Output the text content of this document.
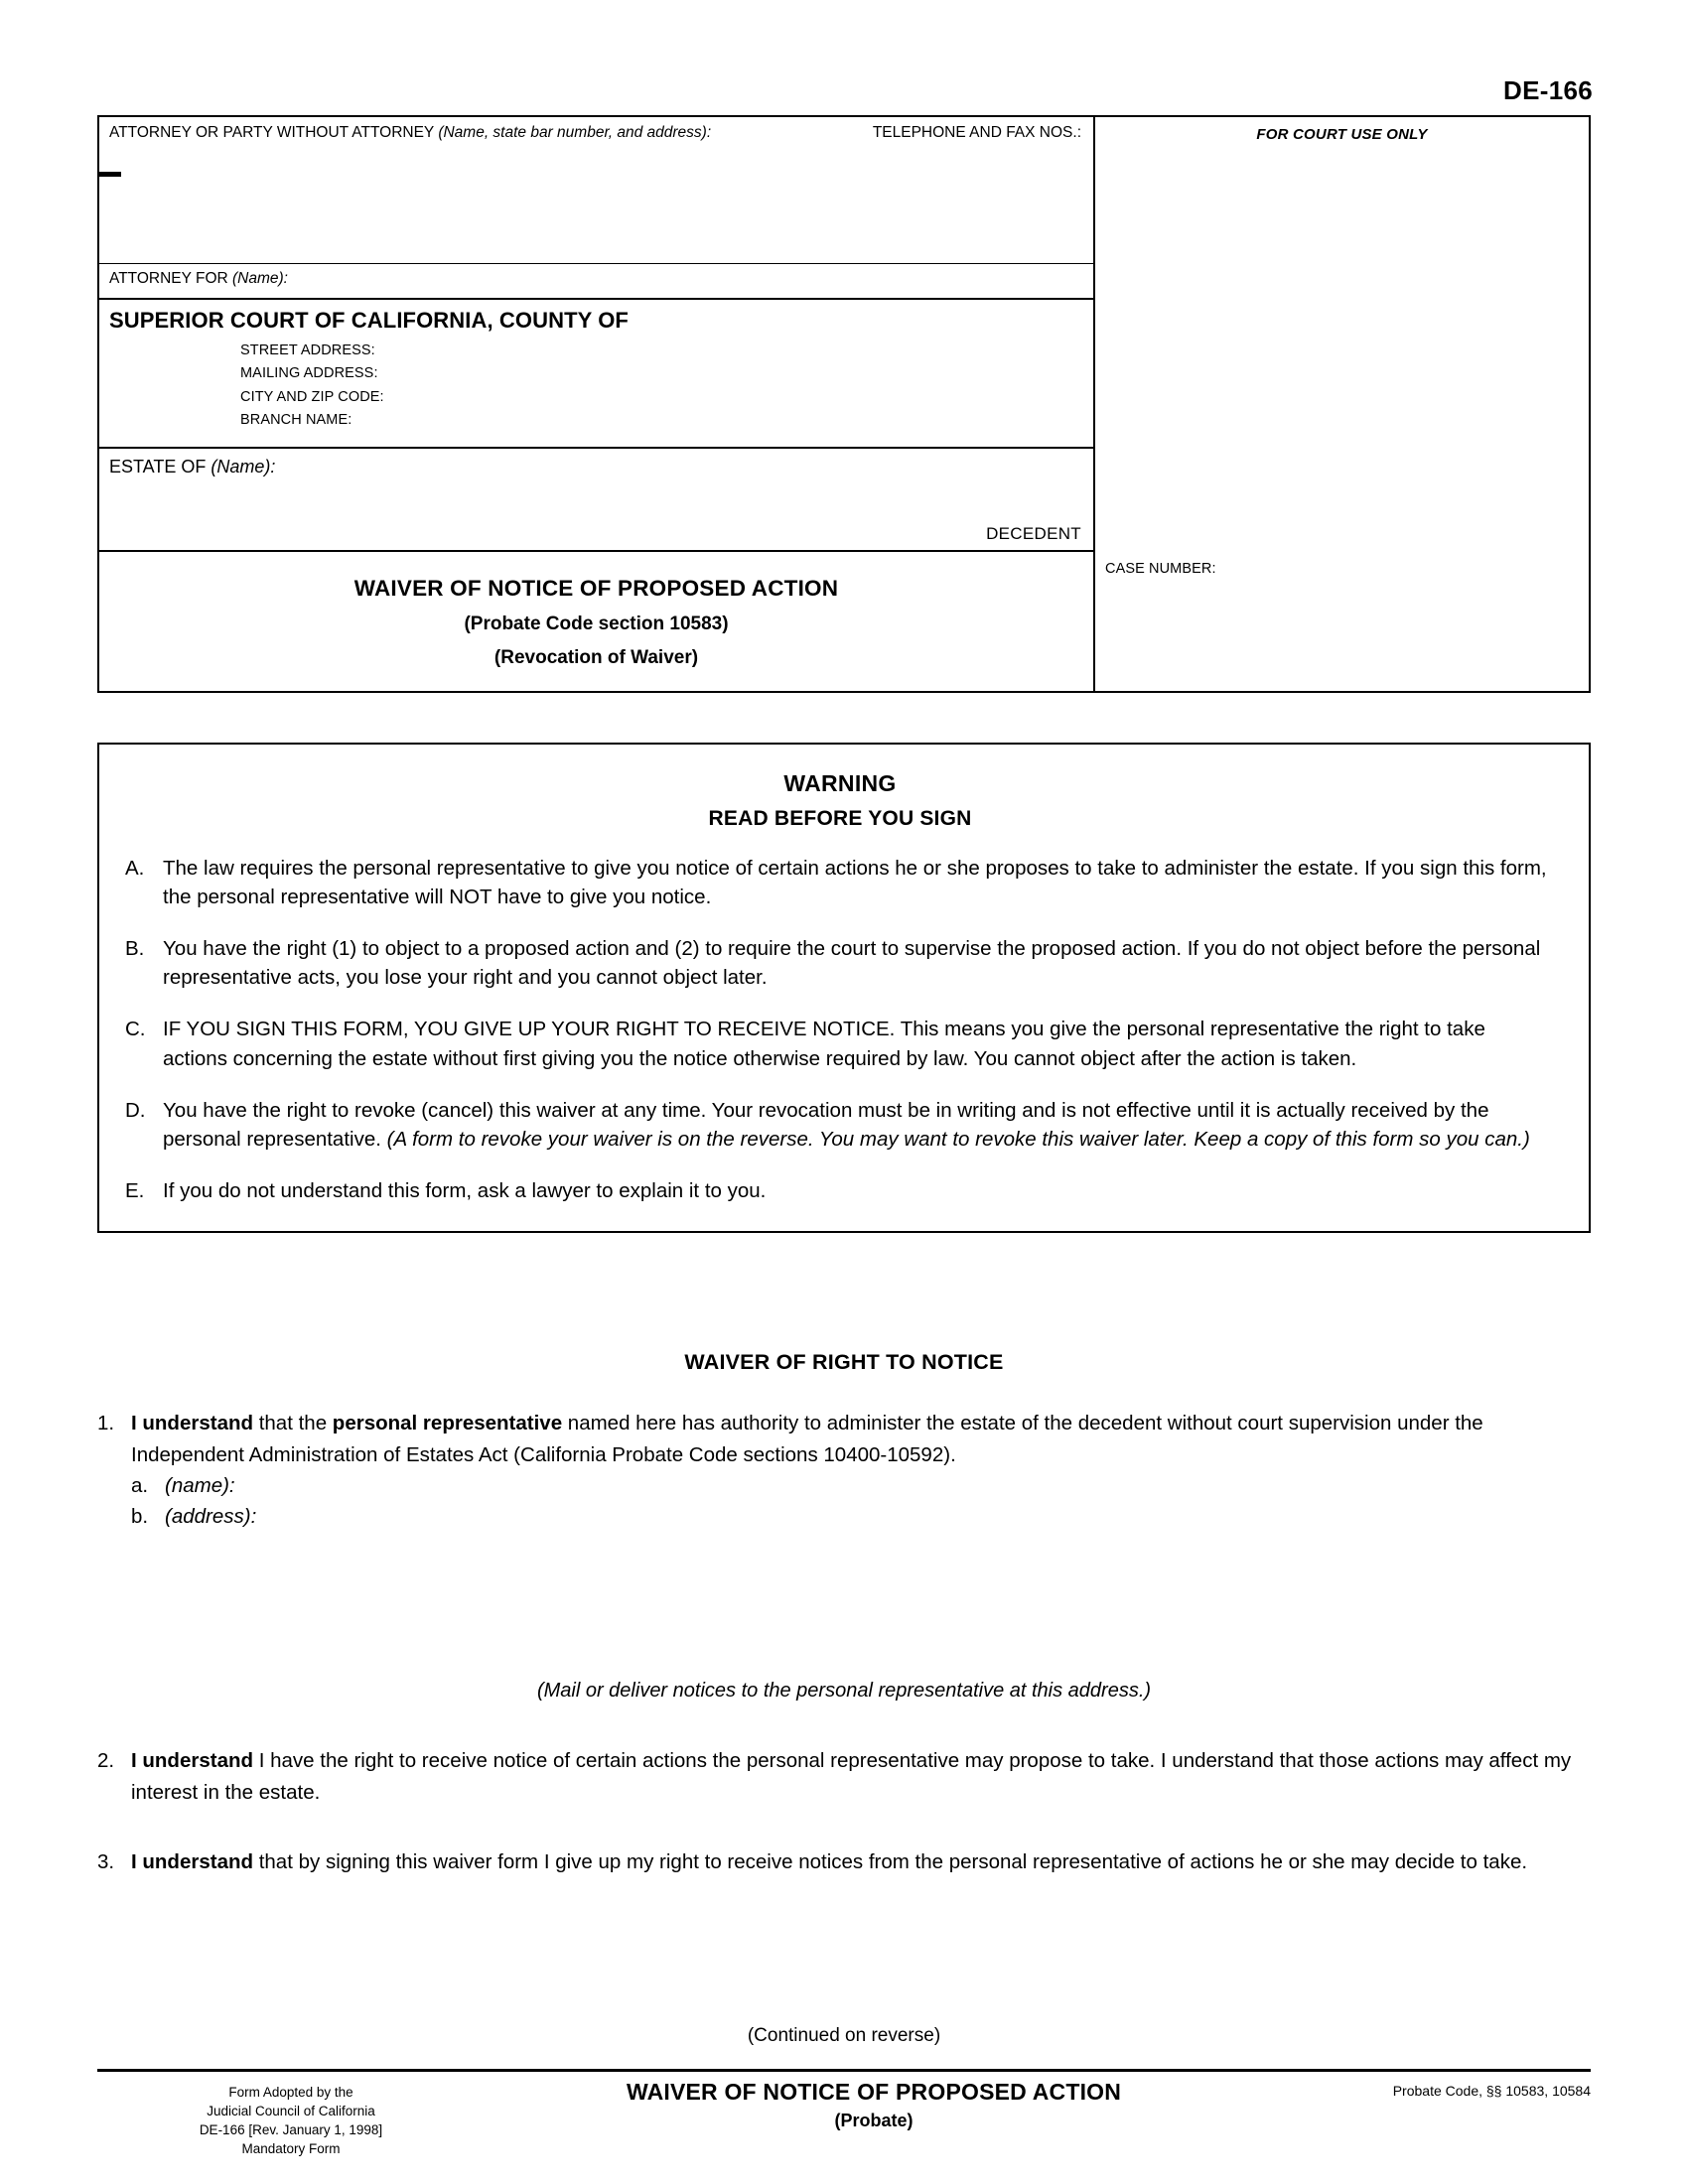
DE-166
ATTORNEY OR PARTY WITHOUT ATTORNEY (Name, state bar number, and address):	TELEPHONE AND FAX NOS.:
ATTORNEY FOR (Name):
SUPERIOR COURT OF CALIFORNIA, COUNTY OF
STREET ADDRESS:
MAILING ADDRESS:
CITY AND ZIP CODE:
BRANCH NAME:
ESTATE OF (Name):
DECEDENT
FOR COURT USE ONLY
WAIVER OF NOTICE OF PROPOSED ACTION
(Probate Code section 10583)
(Revocation of Waiver)
CASE NUMBER:
WARNING
READ BEFORE YOU SIGN
A. The law requires the personal representative to give you notice of certain actions he or she proposes to take to administer the estate. If you sign this form, the personal representative will NOT have to give you notice.
B. You have the right (1) to object to a proposed action and (2) to require the court to supervise the proposed action. If you do not object before the personal representative acts, you lose your right and you cannot object later.
C. IF YOU SIGN THIS FORM, YOU GIVE UP YOUR RIGHT TO RECEIVE NOTICE. This means you give the personal representative the right to take actions concerning the estate without first giving you the notice otherwise required by law. You cannot object after the action is taken.
D. You have the right to revoke (cancel) this waiver at any time. Your revocation must be in writing and is not effective until it is actually received by the personal representative. (A form to revoke your waiver is on the reverse. You may want to revoke this waiver later. Keep a copy of this form so you can.)
E. If you do not understand this form, ask a lawyer to explain it to you.
WAIVER OF RIGHT TO NOTICE
1. I understand that the personal representative named here has authority to administer the estate of the decedent without court supervision under the Independent Administration of Estates Act (California Probate Code sections 10400-10592).
a. (name):
b. (address):
(Mail or deliver notices to the personal representative at this address.)
2. I understand I have the right to receive notice of certain actions the personal representative may propose to take. I understand that those actions may affect my interest in the estate.
3. I understand that by signing this waiver form I give up my right to receive notices from the personal representative of actions he or she may decide to take.
(Continued on reverse)
Form Adopted by the
Judicial Council of California
DE-166 [Rev. January 1, 1998]
Mandatory Form
WAIVER OF NOTICE OF PROPOSED ACTION
(Probate)
Probate Code, §§ 10583, 10584
